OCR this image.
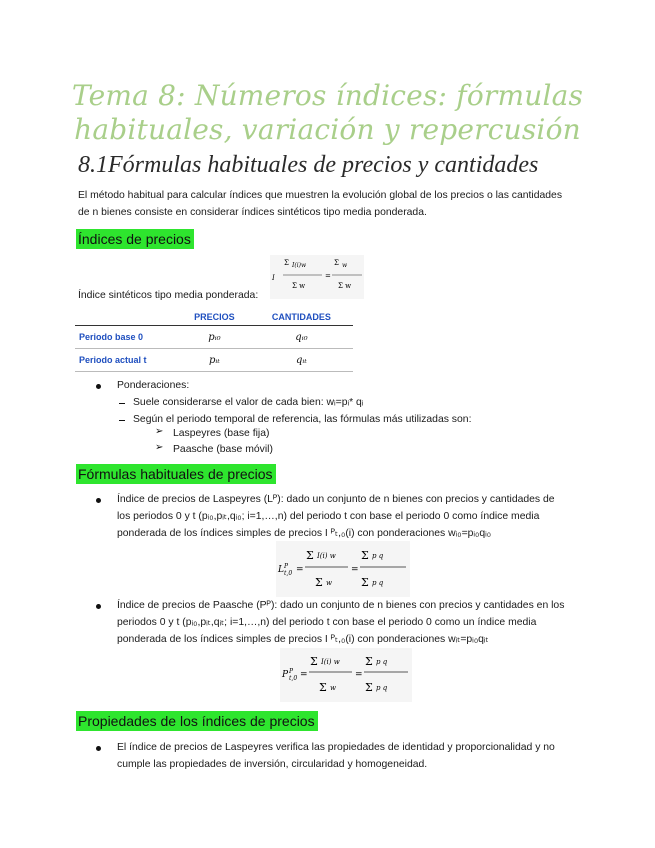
Tema 8: Números índices: fórmulas
habituales, variación y repercusión
8.1Fórmulas habituales de precios y cantidades
El método habitual para calcular índices que muestren la evolución global de los precios o las cantidades
de n bienes consiste en considerar índices sintéticos tipo media ponderada.
Índices de precios
I
Σ I(i)w
Σ w
=
Σ w
Σ w
Índice sintéticos tipo media ponderada:
	PRECIOS	CANTIDADES
Periodo base 0	pᵢ₀	qᵢ₀
Periodo actual t	pᵢₜ	qᵢₜ
Ponderaciones:
Suele considerarse el valor de cada bien: wᵢ=pᵢ* qᵢ
Según el periodo temporal de referencia, las fórmulas más utilizadas son:
➢ Laspeyres (base fija)
➢ Paasche (base móvil)
Fórmulas habituales de precios
Índice de precios de Laspeyres (Lᴾ): dado un conjunto de n bienes con precios y cantidades de
los periodos 0 y t (pᵢ₀,pᵢₜ,qᵢ₀; i=1,…,n) del periodo t con base el periodo 0 como índice media
ponderada de los índices simples de precios I ᴾₜ,₀(i) con ponderaciones wᵢ₀=pᵢ₀qᵢ₀
L P
t,0 =
Σ I(i) w
Σ w
=
Σ p q
Σ p q
Índice de precios de Paasche (Pᴾ): dado un conjunto de n bienes con precios y cantidades en los
periodos 0 y t (pᵢ₀,pᵢₜ,qᵢₜ; i=1,…,n) del periodo t con base el periodo 0 como un índice media
ponderada de los índices simples de precios I ᴾₜ,₀(i) con ponderaciones wᵢₜ=pᵢ₀qᵢₜ
P P
t,0 =
Σ I(i) w
Σ w
=
Σ p q
Σ p q
Propiedades de los índices de precios
El índice de precios de Laspeyres verifica las propiedades de identidad y proporcionalidad y no
cumple las propiedades de inversión, circularidad y homogeneidad.
